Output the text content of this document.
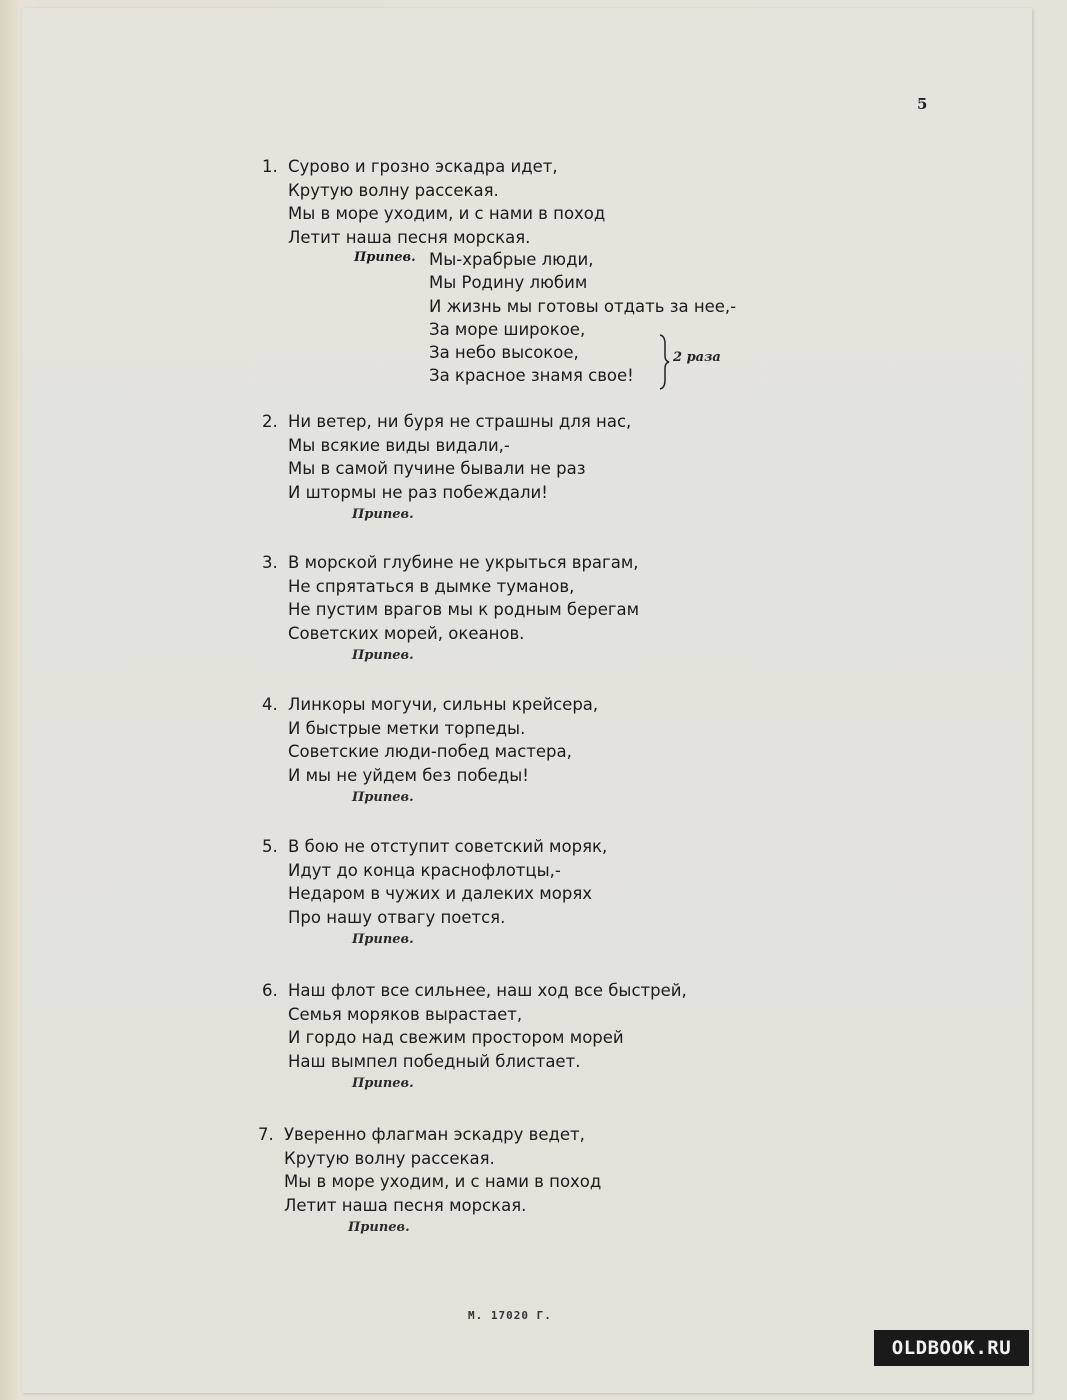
5
1. Сурово и грозно эскадра идет,
Крутую волну рассекая.
Мы в море уходим, и с нами в поход
Летит наша песня морская.
Припев. Мы-храбрые люди,
Мы Родину любим
И жизнь мы готовы отдать за нее,-
За море широкое,
За небо высокое,
За красное знамя свое!
2 раза
2. Ни ветер, ни буря не страшны для нас,
Мы всякие виды видали,-
Мы в самой пучине бывали не раз
И штормы не раз побеждали!
Припев.
3. В морской глубине не укрыться врагам,
Не спрятаться в дымке туманов,
Не пустим врагов мы к родным берегам
Советских морей, океанов.
Припев.
4. Линкоры могучи, сильны крейсера,
И быстрые метки торпеды.
Советские люди-побед мастера,
И мы не уйдем без победы!
Припев.
5. В бою не отступит советский моряк,
Идут до конца краснофлотцы,-
Недаром в чужих и далеких морях
Про нашу отвагу поется.
Припев.
6. Наш флот все сильнее, наш ход все быстрей,
Семья моряков вырастает,
И гордо над свежим простором морей
Наш вымпел победный блистает.
Припев.
7. Уверенно флагман эскадру ведет,
Крутую волну рассекая.
Мы в море уходим, и с нами в поход
Летит наша песня морская.
Припев.
М. 17020 Г.
OLDBOOK.RU
